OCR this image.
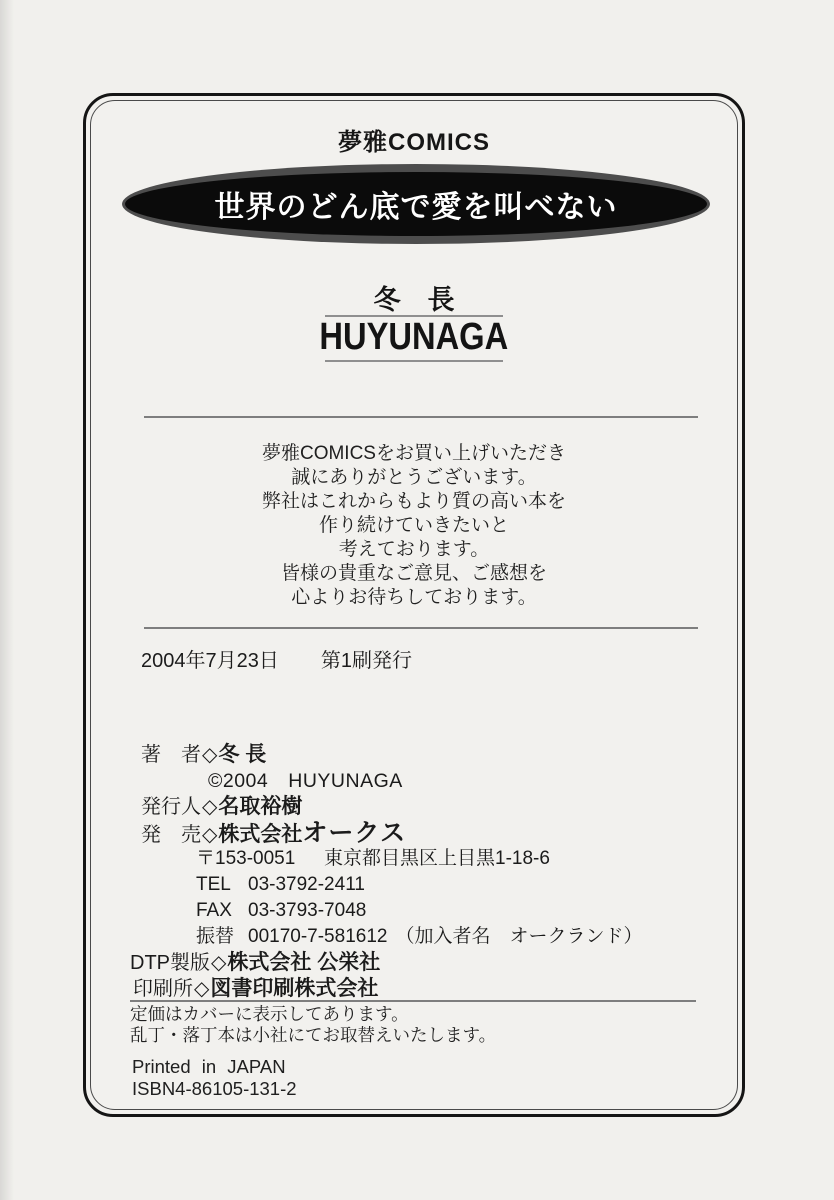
夢雅COMICS
世界のどん底で愛を叫べない
冬　長
HUYUNAGA
夢雅COMICSをお買い上げいただき
誠にありがとうございます。
弊社はこれからもより質の高い本を
作り続けていきたいと
考えております。
皆様の貴重なご意見、ご感想を
心よりお待ちしております。
2004年7月23日 第1刷発行
著　者◇冬 長
©2004　HUYUNAGA
発行人◇名取裕樹
発　売◇株式会社オークス
〒153-0051 東京都目黒区上目黒1-18-6
TEL 03-3792-2411
FAX 03-3793-7048
振替 00170-7-581612 （加入者名　オークランド）
DTP製版◇株式会社 公栄社
印刷所◇図書印刷株式会社
定価はカバーに表示してあります。
乱丁・落丁本は小社にてお取替えいたします。
Printed in JAPAN
ISBN4-86105-131-2
